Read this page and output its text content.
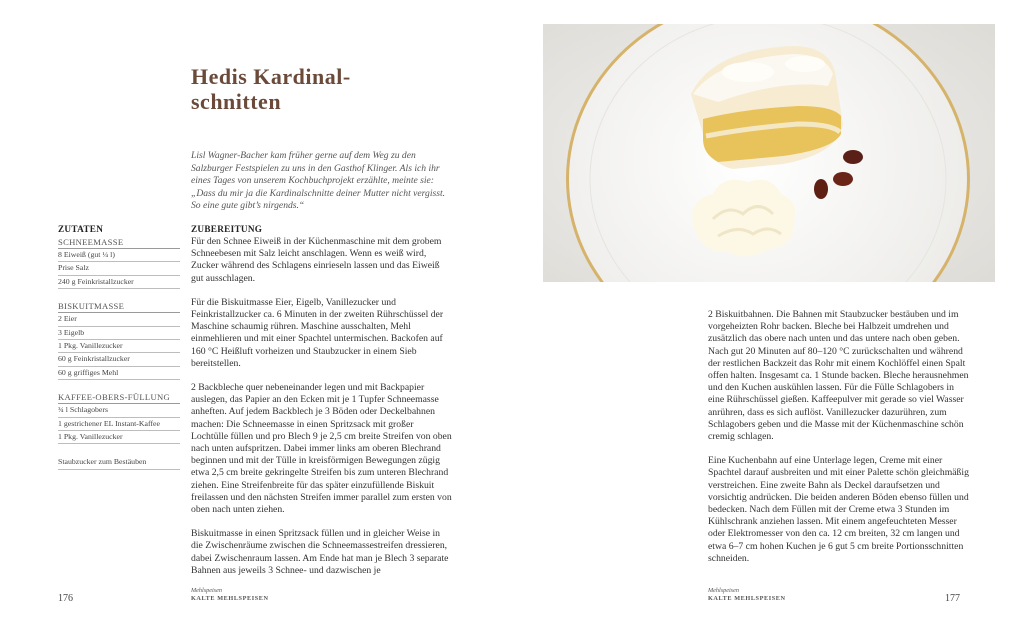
Hedis Kardinal-
schnitten
Lisl Wagner-Bacher kam früher gerne auf dem Weg zu den Salzburger Festspielen zu uns in den Gasthof Klinger. Als ich ihr eines Tages von unserem Kochbuchprojekt erzählte, meinte sie: „Dass du mir ja die Kardinalschnitte deiner Mutter nicht vergisst. So eine gute gibt’s nirgends.“
ZUTATEN
SCHNEEMASSE
8 Eiweiß (gut ¼ l)
Prise Salz
240 g Feinkristallzucker
BISKUITMASSE
2 Eier
3 Eigelb
1 Pkg. Vanillezucker
60 g Feinkristallzucker
60 g griffiges Mehl
KAFFEE-OBERS-FÜLLUNG
¾ l Schlagobers
1 gestrichener EL Instant-Kaffee
1 Pkg. Vanillezucker
Staubzucker zum Bestäuben
ZUBEREITUNG

Für den Schnee Eiweiß in der Küchenmaschine mit dem grobem Schneebesen mit Salz leicht anschlagen. Wenn es weiß wird, Zucker während des Schlagens einrieseln lassen und das Eiweiß gut ausschlagen.

Für die Biskuitmasse Eier, Eigelb, Vanillezucker und Feinkristallzucker ca. 6 Minuten in der zweiten Rührschüssel der Maschine schaumig rühren. Maschine ausschalten, Mehl einmehlieren und mit einer Spachtel untermischen. Backofen auf 160 °C Heißluft vorheizen und Staubzucker in einem Sieb bereitstellen.

2 Backbleche quer nebeneinander legen und mit Backpapier auslegen, das Papier an den Ecken mit je 1 Tupfer Schneemasse anheften. Auf jedem Backblech je 3 Böden oder Deckelbahnen machen: Die Schneemasse in einen Spritzsack mit großer Lochtülle füllen und pro Blech 9 je 2,5 cm breite Streifen von oben nach unten aufspritzen. Dabei immer links am oberen Blechrand beginnen und mit der Tülle in kreisförmigen Bewegungen zügig etwa 2,5 cm breite gekringelte Streifen bis zum unteren Blechrand ziehen. Eine Streifenbreite für das später einzufüllende Biskuit freilassen und den nächsten Streifen immer parallel zum ersten von oben nach unten ziehen.

Biskuitmasse in einen Spritzsack füllen und in gleicher Weise in die Zwischenräume zwischen die Schneemassestreifen dressieren, dabei Zwischenraum lassen. Am Ende hat man je Blech 3 separate Bahnen aus jeweils 3 Schnee- und dazwischen je

2 Biskuitbahnen. Die Bahnen mit Staubzucker bestäuben und im vorgeheizten Rohr backen. Bleche bei Halbzeit umdrehen und zusätzlich das obere nach unten und das untere nach oben geben. Nach gut 20 Minuten auf 80–120 °C zurückschalten und während der restlichen Backzeit das Rohr mit einem Kochlöffel einen Spalt offen halten. Insgesamt ca. 1 Stunde backen. Bleche herausnehmen und den Kuchen auskühlen lassen. Für die Fülle Schlagobers in eine Rührschüssel gießen. Kaffeepulver mit gerade so viel Wasser anrühren, dass es sich auflöst. Vanillezucker dazurühren, zum Schlagobers geben und die Masse mit der Küchenmaschine schön cremig schlagen.

Eine Kuchenbahn auf eine Unterlage legen, Creme mit einer Spachtel darauf ausbreiten und mit einer Palette schön gleichmäßig verstreichen. Eine zweite Bahn als Deckel daraufsetzen und vorsichtig andrücken. Die beiden anderen Böden ebenso füllen und bedecken. Nach dem Füllen mit der Creme etwa 3 Stunden im Kühlschrank anziehen lassen. Mit einem angefeuchteten Messer oder Elektromesser von den ca. 12 cm breiten, 32 cm langen und etwa 6–7 cm hohen Kuchen je 6 gut 5 cm breite Portionsschnitten schneiden.

176
Mehlspeisen
KALTE MEHLSPEISEN
Mehlspeisen
KALTE MEHLSPEISEN	177
